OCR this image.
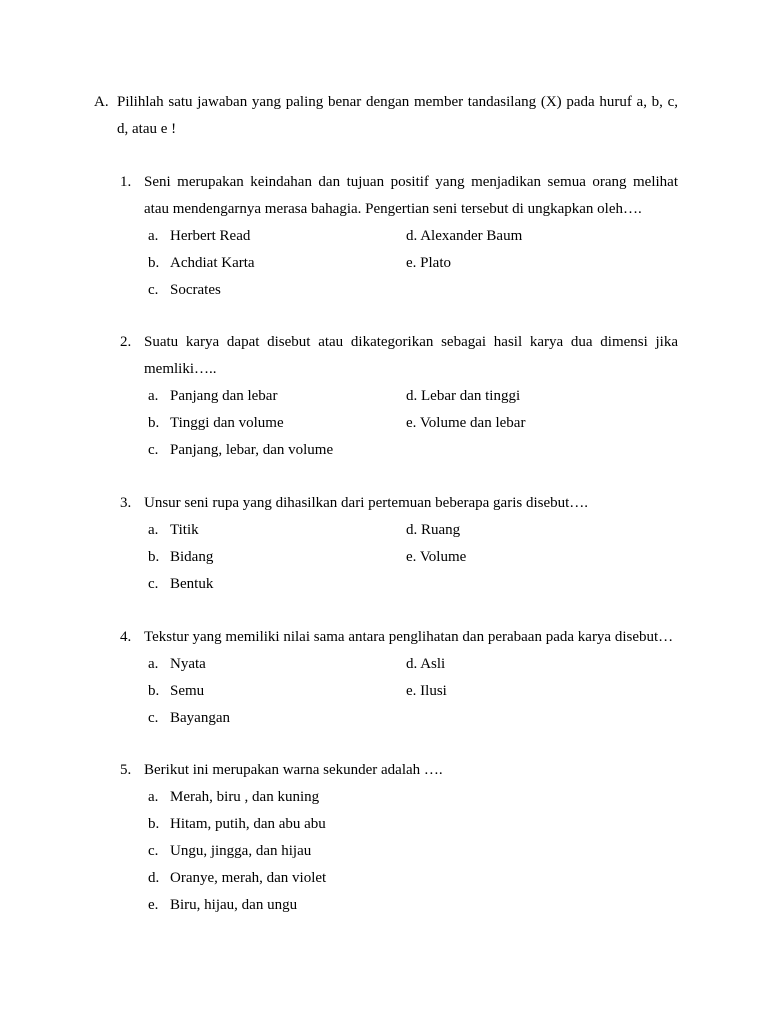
A. Pilihlah satu jawaban yang paling benar dengan member tandasilang (X) pada huruf a, b, c, d, atau e !
1. Seni merupakan keindahan dan tujuan positif yang menjadikan semua orang melihat atau mendengarnya merasa bahagia. Pengertian seni tersebut di ungkapkan oleh….
a. Herbert Read	d. Alexander Baum
b. Achdiat Karta	e. Plato
c. Socrates
2. Suatu karya dapat disebut atau dikategorikan sebagai hasil karya dua dimensi jika memliki…..
a. Panjang dan lebar	d. Lebar dan tinggi
b. Tinggi dan volume	e. Volume dan lebar
c. Panjang, lebar, dan volume
3. Unsur seni rupa yang dihasilkan dari pertemuan beberapa garis disebut….
a. Titik	d. Ruang
b. Bidang	e. Volume
c. Bentuk
4. Tekstur yang memiliki nilai sama antara penglihatan dan perabaan pada karya disebut…
a. Nyata	d. Asli
b. Semu	e. Ilusi
c. Bayangan
5. Berikut ini merupakan warna sekunder adalah ….
a. Merah, biru , dan kuning
b. Hitam, putih, dan abu abu
c. Ungu, jingga, dan hijau
d. Oranye, merah, dan violet
e. Biru, hijau, dan ungu
